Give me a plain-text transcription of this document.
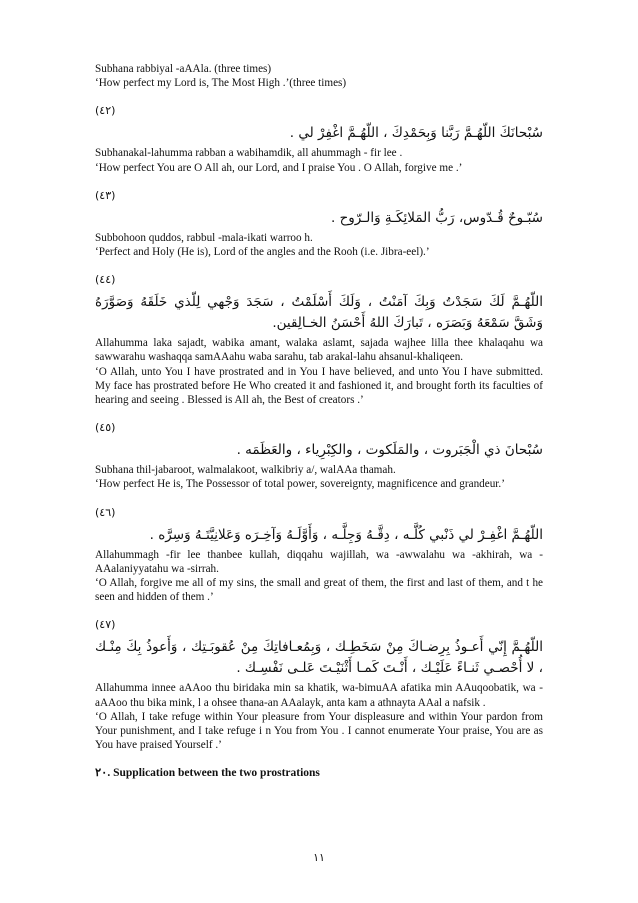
Subhana rabbiyal -aAAla. (three times)

‘How perfect my Lord is, The Most High .’(three times)

(٤٢)

سُبْحانَكَ اللّهُـمَّ رَبَّنا وَبِحَمْدِكَ ، اللّهُـمَّ اغْفِرْ لي .

Subhanakal-lahumma rabban a wabihamdik, all ahummagh - fir lee .

‘How perfect You are O All ah, our Lord, and I praise You . O Allah, forgive me .’

(٤٣)

سُبّـوحٌ قُـدّوس، رَبُّ المَلائِكَـةِ وَالـرّوح .

Subbohoon quddos, rabbul -mala-ikati warroo h.

‘Perfect and Holy (He is), Lord of the angles and the Rooh (i.e. Jibra-eel).’

(٤٤)

اللّهُـمَّ لَكَ سَجَدْتُ وَبِكَ آمَنْتُ ، وَلَكَ أَسْلَمْتُ ، سَجَدَ وَجْهي لِلّذي خَلَقَهُ وَصَوَّرَهُ وَشَقَّ سَمْعَهُ وَبَصَرَه ، تَبارَكَ اللهُ أَحْسَنُ الخـالِقين.

Allahumma laka sajadt, wabika amant, walaka aslamt, sajada wajhee lilla thee khalaqahu wa sawwarahu washaqqa samAAahu waba sarahu, tab arakal-lahu ahsanul-khaliqeen.

‘O Allah, unto You I have prostrated and in You I have believed, and unto You I have submitted. My face has prostrated before He Who created it and fashioned it, and brought forth its faculties of hearing and seeing . Blessed is All ah, the Best of creators .’

(٤٥)

سُبْحانَ ذي الْجَبَروت ، والمَلَكوت ، والكِبْرِياء ، والعَظَمَه .

Subhana thil-jabaroot, walmalakoot, walkibriy a/, walAAa thamah.

‘How perfect He is, The Possessor of total power, sovereignty, magnificence and grandeur.’

(٤٦)

اللّهُـمَّ اغْفِـرْ لي ذَنْبي كُلَّـه ، دِقَّـهُ وَجِلَّـه ، وَأَوَّلَـهُ وَآخِـرَه وَعَلانِيَّتَـهُ وَسِرَّه .

Allahummagh -fir lee thanbee kullah, diqqahu wajillah, wa -awwalahu wa -akhirah, wa -AAalaniyyatahu wa -sirrah.

‘O Allah, forgive me all of my sins, the small and great of them, the first and last of them, and t he seen and hidden of them .’

(٤٧)

اللّهُـمَّ إِنّي أَعـوذُ بِرِضـاكَ مِنْ سَخَطِـك ، وَبِمُعـافاتِكَ مِنْ عُقوبَـتِك ، وَأَعوذُ بِكَ مِنْـك ، لا أُحْصـي ثَنـاءً عَلَيْـك ، أَنْـتَ كَمـا أَثْنَيْـتَ عَلـى نَفْسِـك .

Allahumma innee aAAoo thu biridaka min sa khatik, wa-bimuAA afatika min AAuqoobatik, wa -aAAoo thu bika mink, l a ohsee thana-an AAalayk, anta kam a athnayta AAal a nafsik .

‘O Allah, I take refuge within Your pleasure from Your displeasure and within Your pardon from Your punishment, and I take refuge i n You from You . I cannot enumerate Your praise, You are as You have praised Yourself .’

٢٠. Supplication between the two prostrations
١١
